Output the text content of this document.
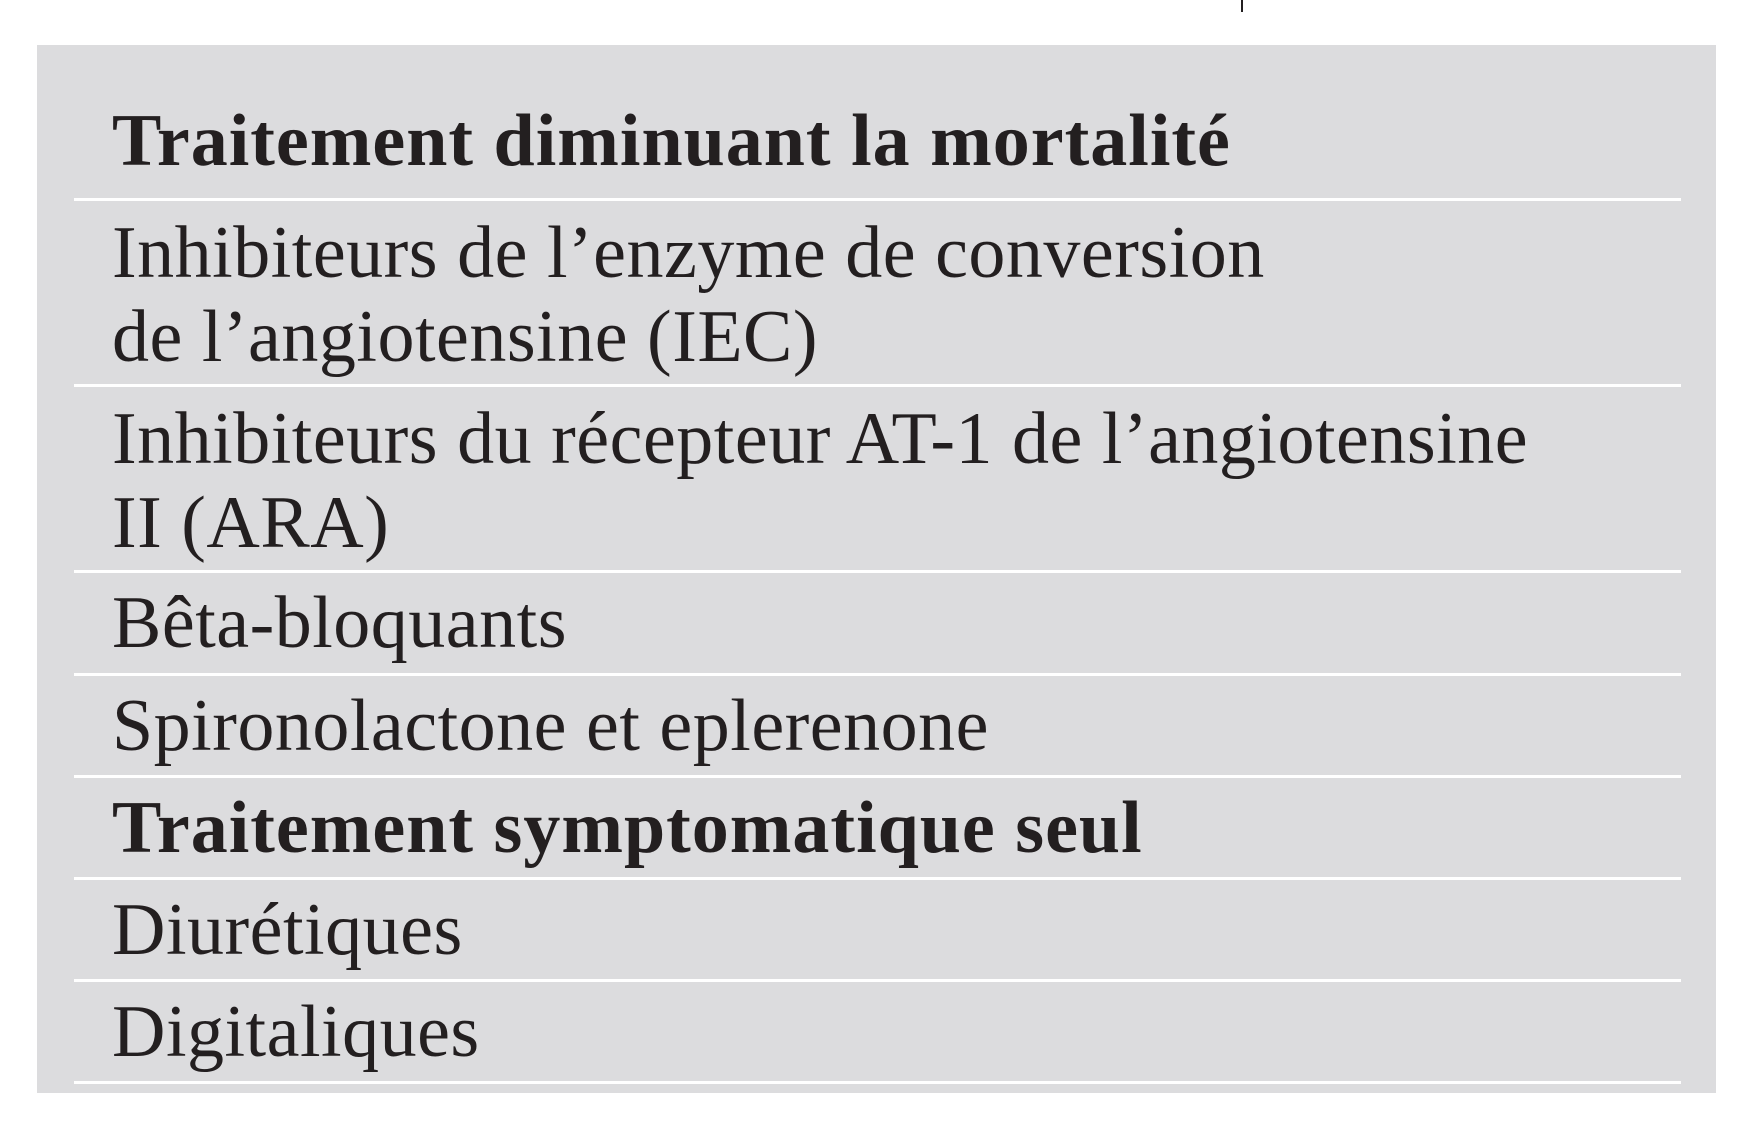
Traitement diminuant la mortalité
Inhibiteurs de l’enzyme de conversion
de l’angiotensine (IEC)
Inhibiteurs du récepteur AT-1 de l’angiotensine
II (ARA)
Bêta-bloquants
Spironolactone et eplerenone
Traitement symptomatique seul
Diurétiques
Digitaliques
